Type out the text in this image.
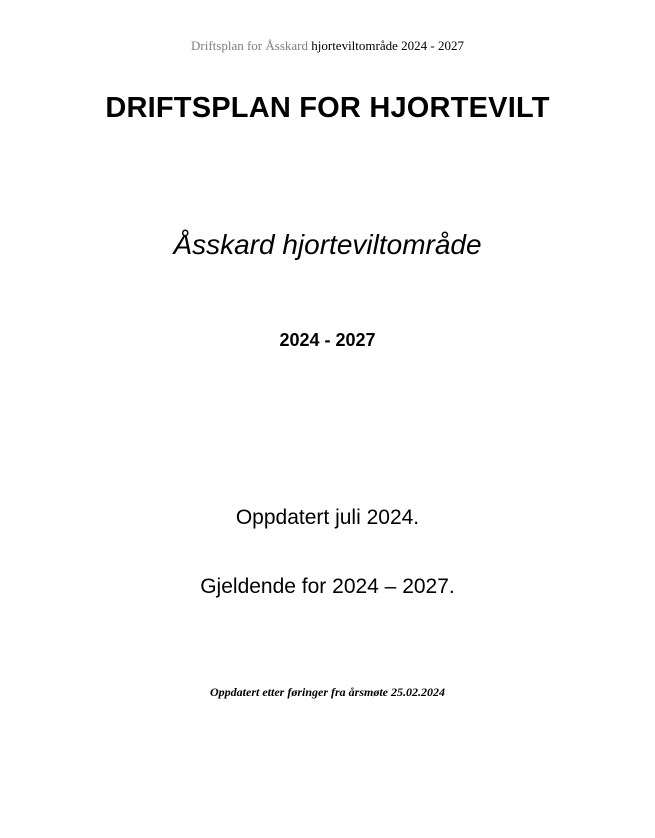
Driftsplan for Åsskard hjorteviltområde 2024 - 2027
DRIFTSPLAN FOR HJORTEVILT
Åsskard hjorteviltområde
2024 - 2027
Oppdatert juli 2024.
Gjeldende for 2024 – 2027.
Oppdatert etter føringer fra årsmøte 25.02.2024
